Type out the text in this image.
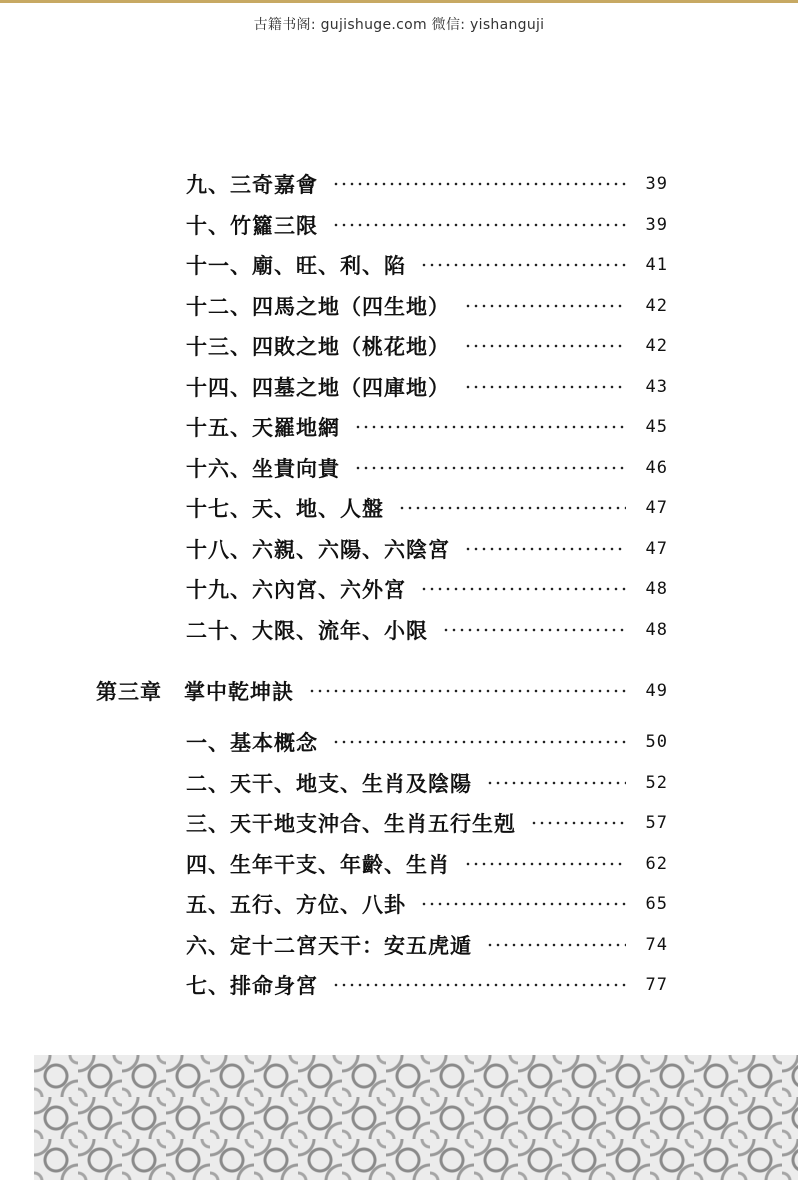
古籍书阁: gujishuge.com 微信: yishanguji
九、三奇嘉會	39
十、竹籮三限	39
十一、廟、旺、利、陷	41
十二、四馬之地（四生地）	42
十三、四敗之地（桃花地）	42
十四、四墓之地（四庫地）	43
十五、天羅地網	45
十六、坐貴向貴	46
十七、天、地、人盤	47
十八、六親、六陽、六陰宮	47
十九、六內宮、六外宮	48
二十、大限、流年、小限	48
第三章	掌中乾坤訣	49
一、基本概念	50
二、天干、地支、生肖及陰陽	52
三、天干地支沖合、生肖五行生剋	57
四、生年干支、年齡、生肖	62
五、五行、方位、八卦	65
六、定十二宮天干：安五虎遁	74
七、排命身宮	77
